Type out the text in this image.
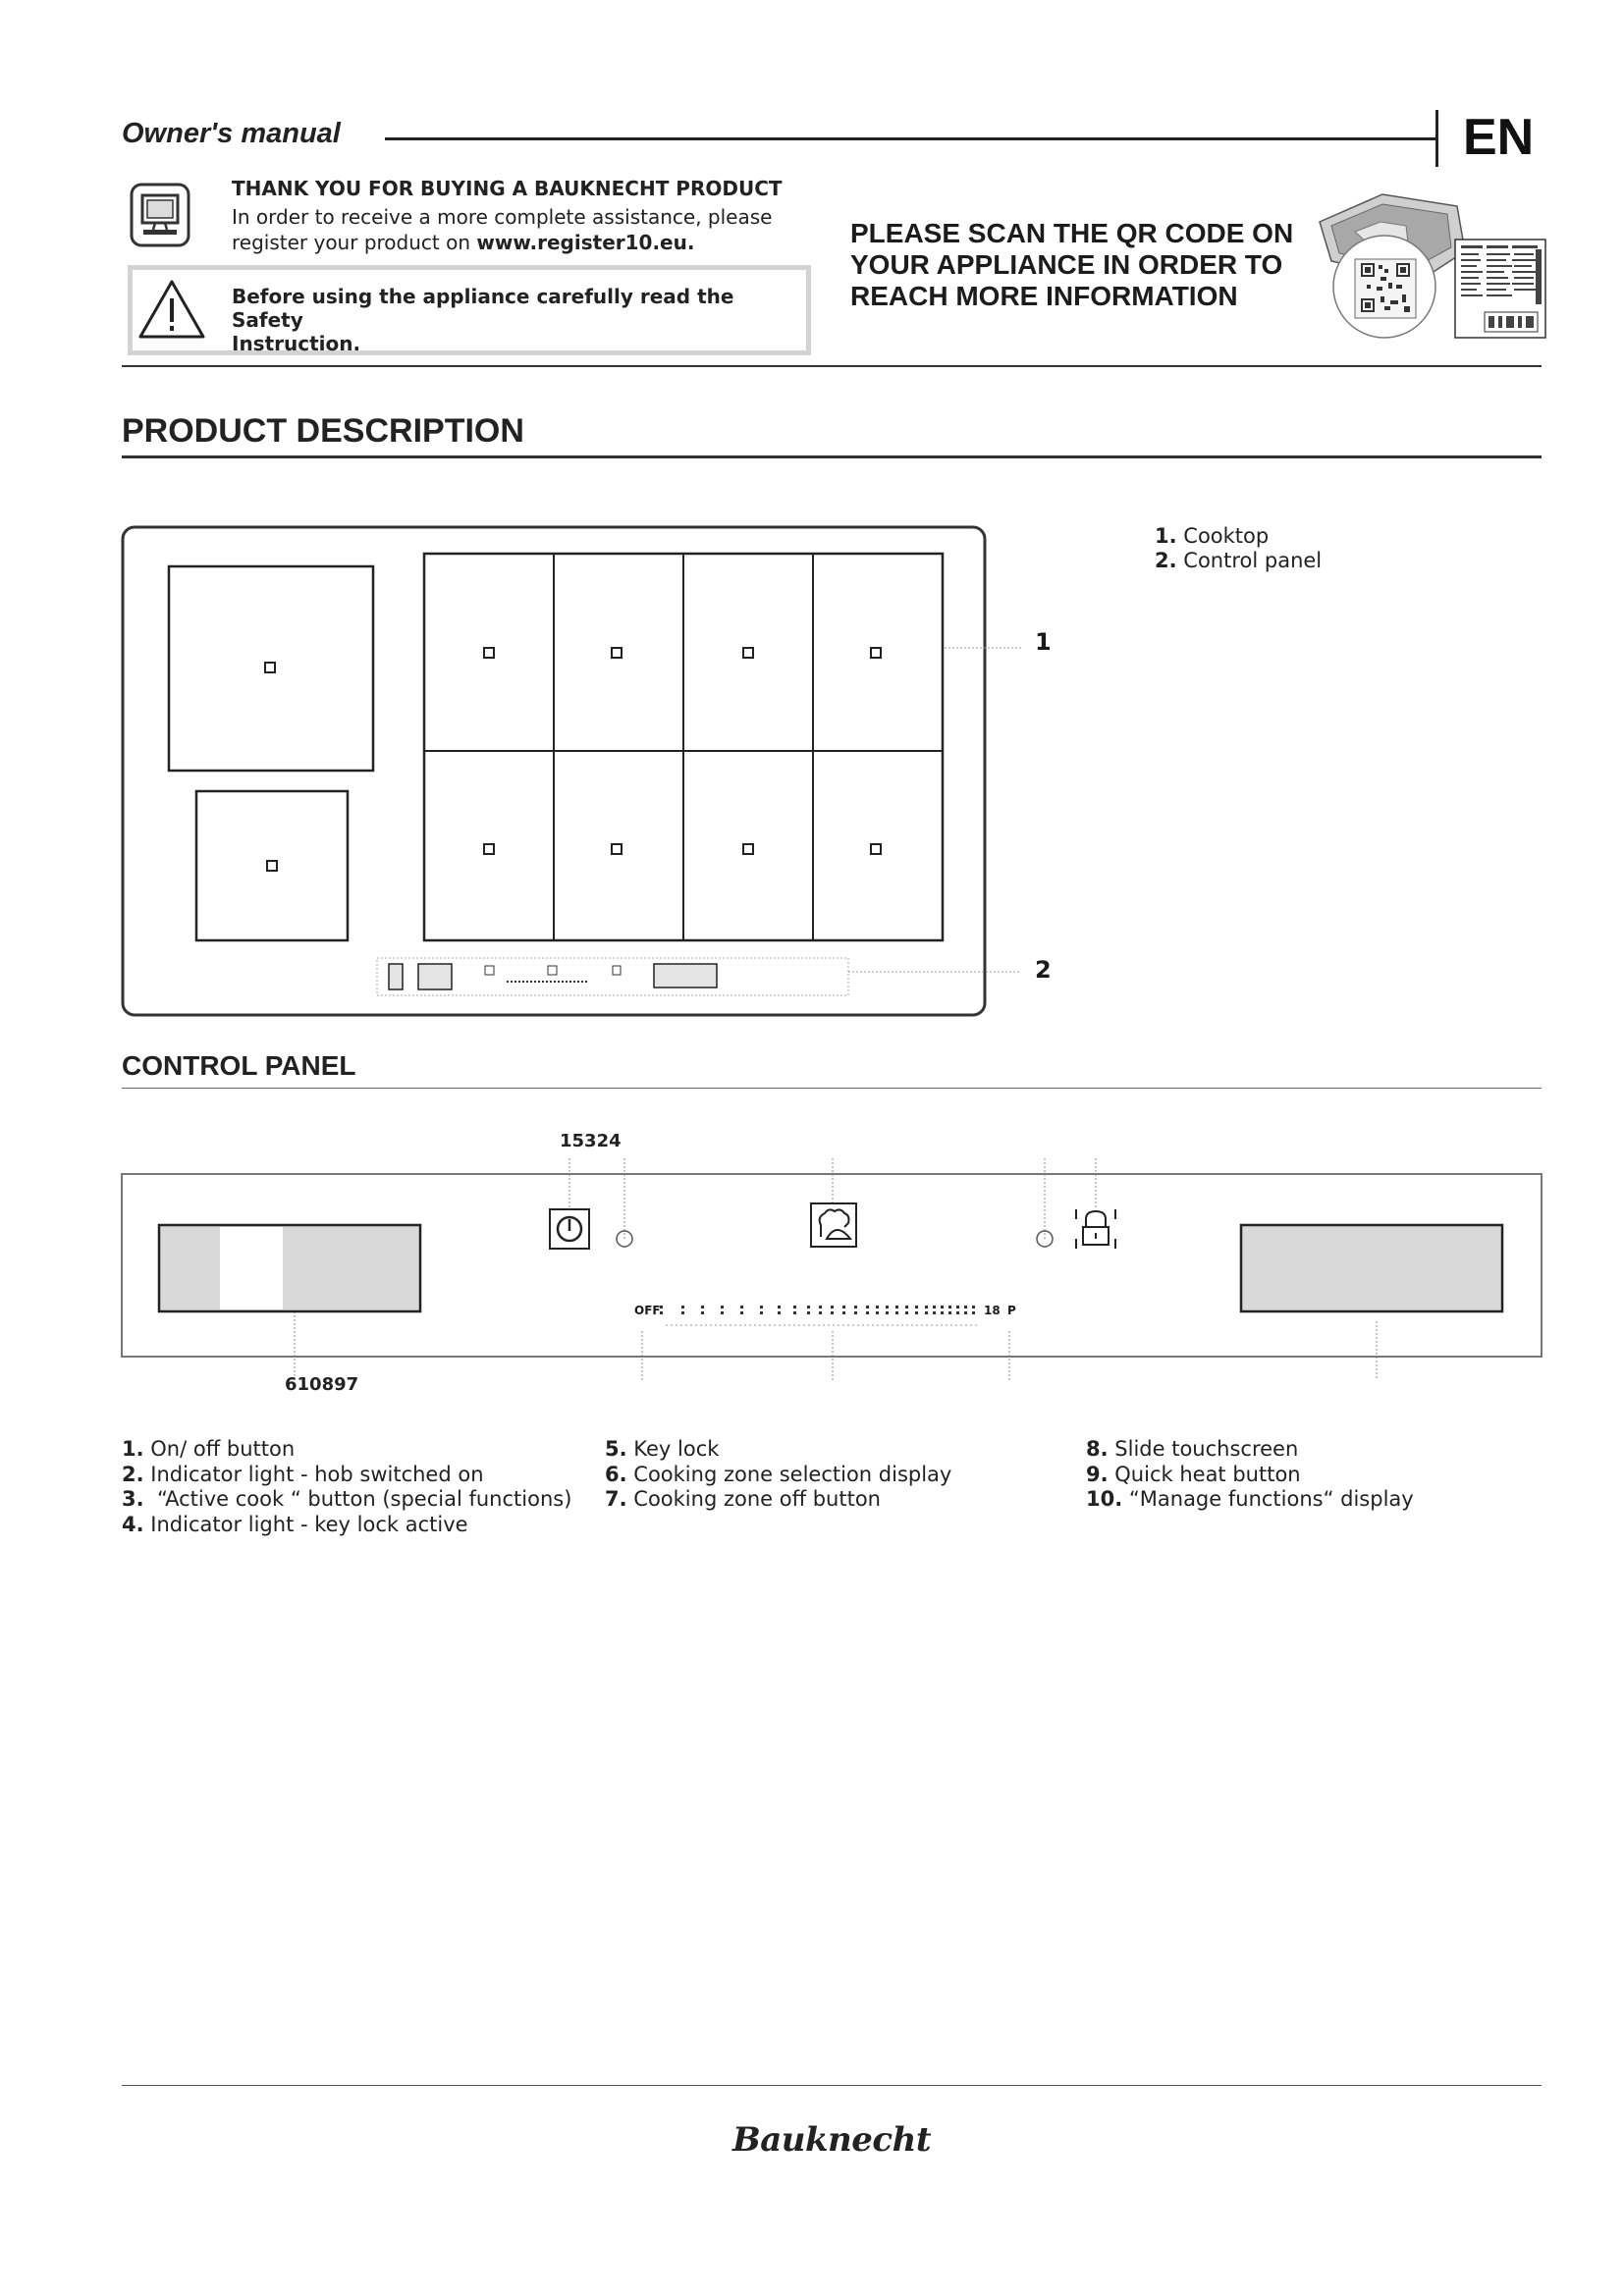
Owner's manual	EN
THANK YOU FOR BUYING A BAUKNECHT PRODUCT
In order to receive a more complete assistance, please
register your product on www.register10.eu.
Before using the appliance carefully read the Safety
Instruction.
PLEASE SCAN THE QR CODE ON
YOUR APPLIANCE IN ORDER TO
REACH MORE INFORMATION
PRODUCT DESCRIPTION
1
2
1. Cooktop
2. Control panel
CONTROL PANEL
15324
OFF	18 P
610897
1. On/ off button
2. Indicator light - hob switched on
3. “Active cook “ button (special functions)
4. Indicator light - key lock active
5. Key lock
6. Cooking zone selection display
7. Cooking zone off button
8. Slide touchscreen
9. Quick heat button
10. “Manage functions“ display
Bauknecht
